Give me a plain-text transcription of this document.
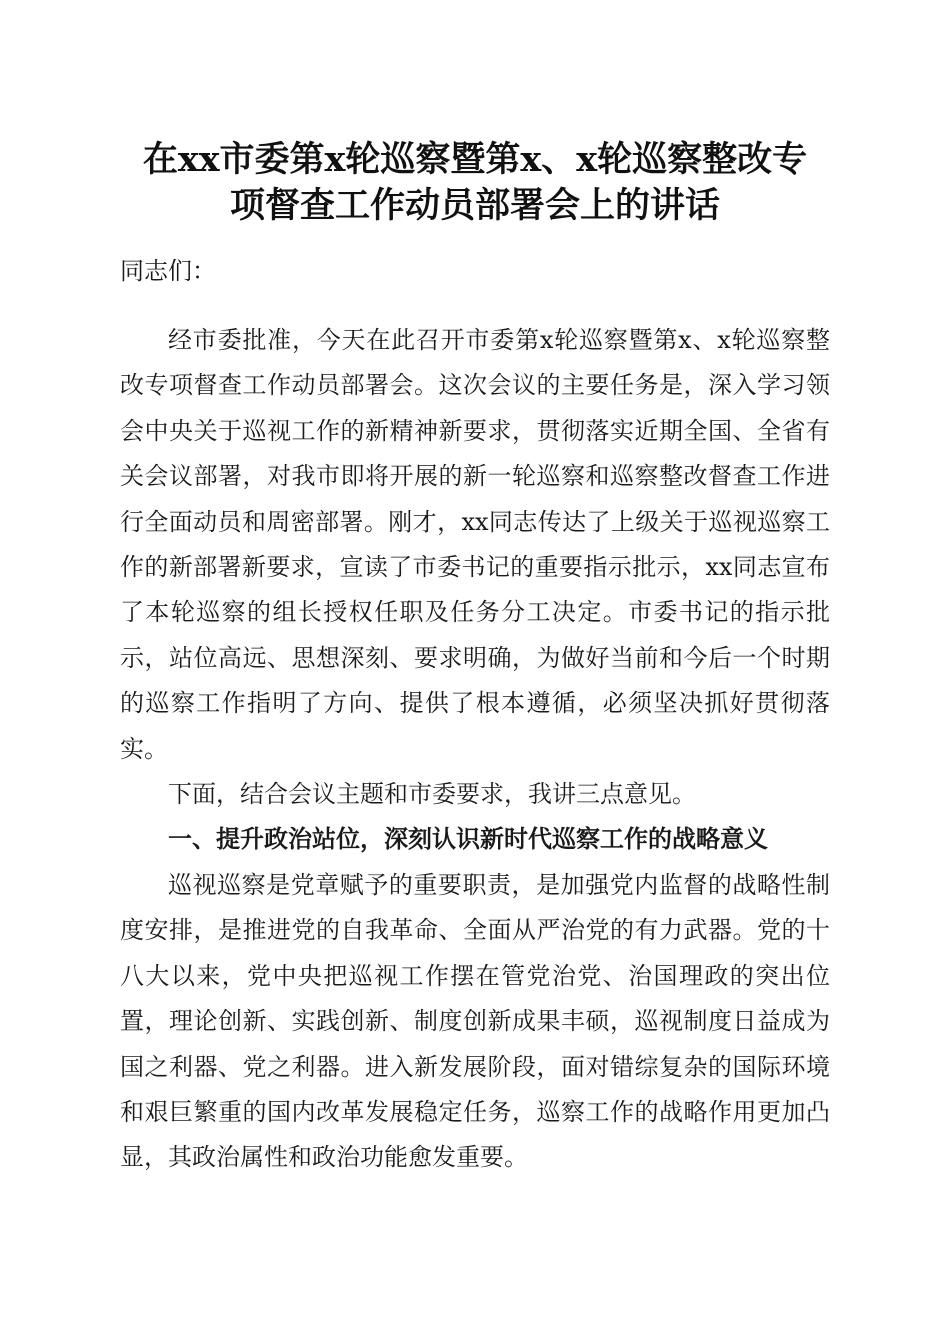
在xx市委第x轮巡察暨第x、x轮巡察整改专
项督查工作动员部署会上的讲话
同志们：

经市委批准，今天在此召开市委第x轮巡察暨第x、x轮巡察整改专项督查工作动员部署会。这次会议的主要任务是，深入学习领会中央关于巡视工作的新精神新要求，贯彻落实近期全国、全省有关会议部署，对我市即将开展的新一轮巡察和巡察整改督查工作进行全面动员和周密部署。刚才，xx同志传达了上级关于巡视巡察工作的新部署新要求，宣读了市委书记的重要指示批示，xx同志宣布了本轮巡察的组长授权任职及任务分工决定。市委书记的指示批示，站位高远、思想深刻、要求明确，为做好当前和今后一个时期的巡察工作指明了方向、提供了根本遵循，必须坚决抓好贯彻落实。

下面，结合会议主题和市委要求，我讲三点意见。

一、提升政治站位，深刻认识新时代巡察工作的战略意义

巡视巡察是党章赋予的重要职责，是加强党内监督的战略性制度安排，是推进党的自我革命、全面从严治党的有力武器。党的十八大以来，党中央把巡视工作摆在管党治党、治国理政的突出位置，理论创新、实践创新、制度创新成果丰硕，巡视制度日益成为国之利器、党之利器。进入新发展阶段，面对错综复杂的国际环境和艰巨繁重的国内改革发展稳定任务，巡察工作的战略作用更加凸显，其政治属性和政治功能愈发重要。
